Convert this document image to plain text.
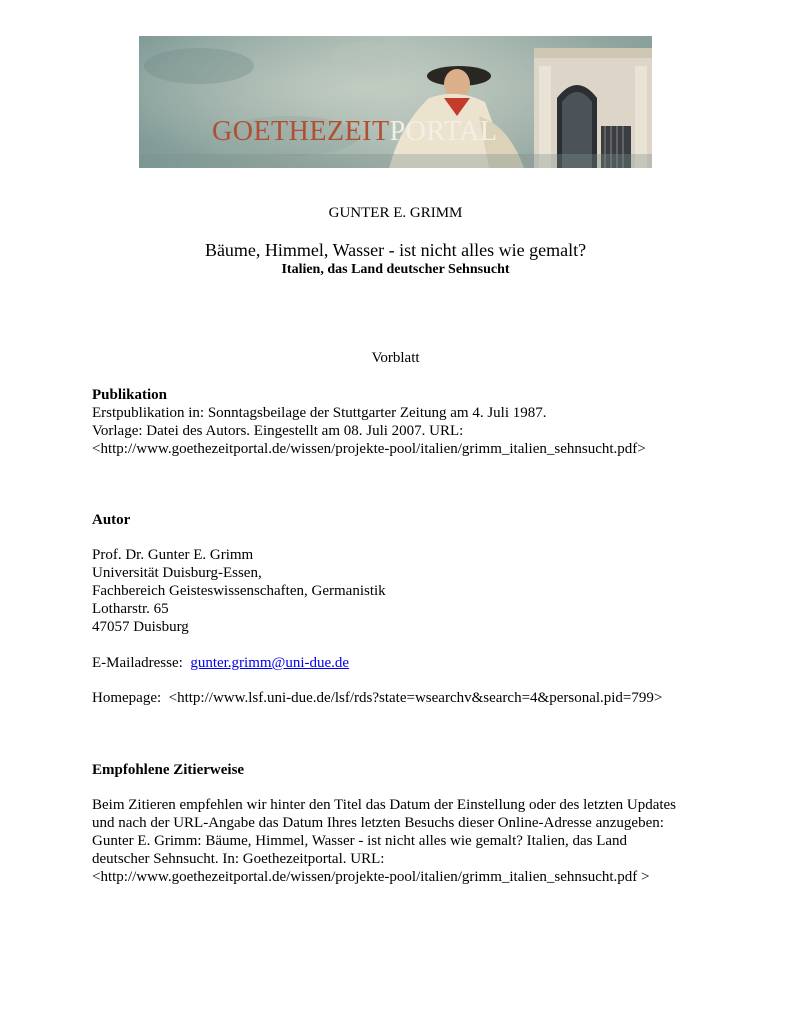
GOETHEZEITPORTAL
GUNTER E. GRIMM
Bäume, Himmel, Wasser - ist nicht alles wie gemalt?
Italien, das Land deutscher Sehnsucht
Vorblatt
Publikation
Erstpublikation in: Sonntagsbeilage der Stuttgarter Zeitung am 4. Juli 1987.
Vorlage: Datei des Autors. Eingestellt am 08. Juli 2007. URL:
<http://www.goethezeitportal.de/wissen/projekte-pool/italien/grimm_italien_sehnsucht.pdf>
Autor
Prof. Dr. Gunter E. Grimm
Universität Duisburg-Essen,
Fachbereich Geisteswissenschaften, Germanistik
Lotharstr. 65
47057 Duisburg
E-Mailadresse: gunter.grimm@uni-due.de
Homepage: <http://www.lsf.uni-due.de/lsf/rds?state=wsearchv&search=4&personal.pid=799>
Empfohlene Zitierweise
Beim Zitieren empfehlen wir hinter den Titel das Datum der Einstellung oder des letzten Updates
und nach der URL-Angabe das Datum Ihres letzten Besuchs dieser Online-Adresse anzugeben:
Gunter E. Grimm: Bäume, Himmel, Wasser - ist nicht alles wie gemalt? Italien, das Land
deutscher Sehnsucht. In: Goethezeitportal. URL:
<http://www.goethezeitportal.de/wissen/projekte-pool/italien/grimm_italien_sehnsucht.pdf >
